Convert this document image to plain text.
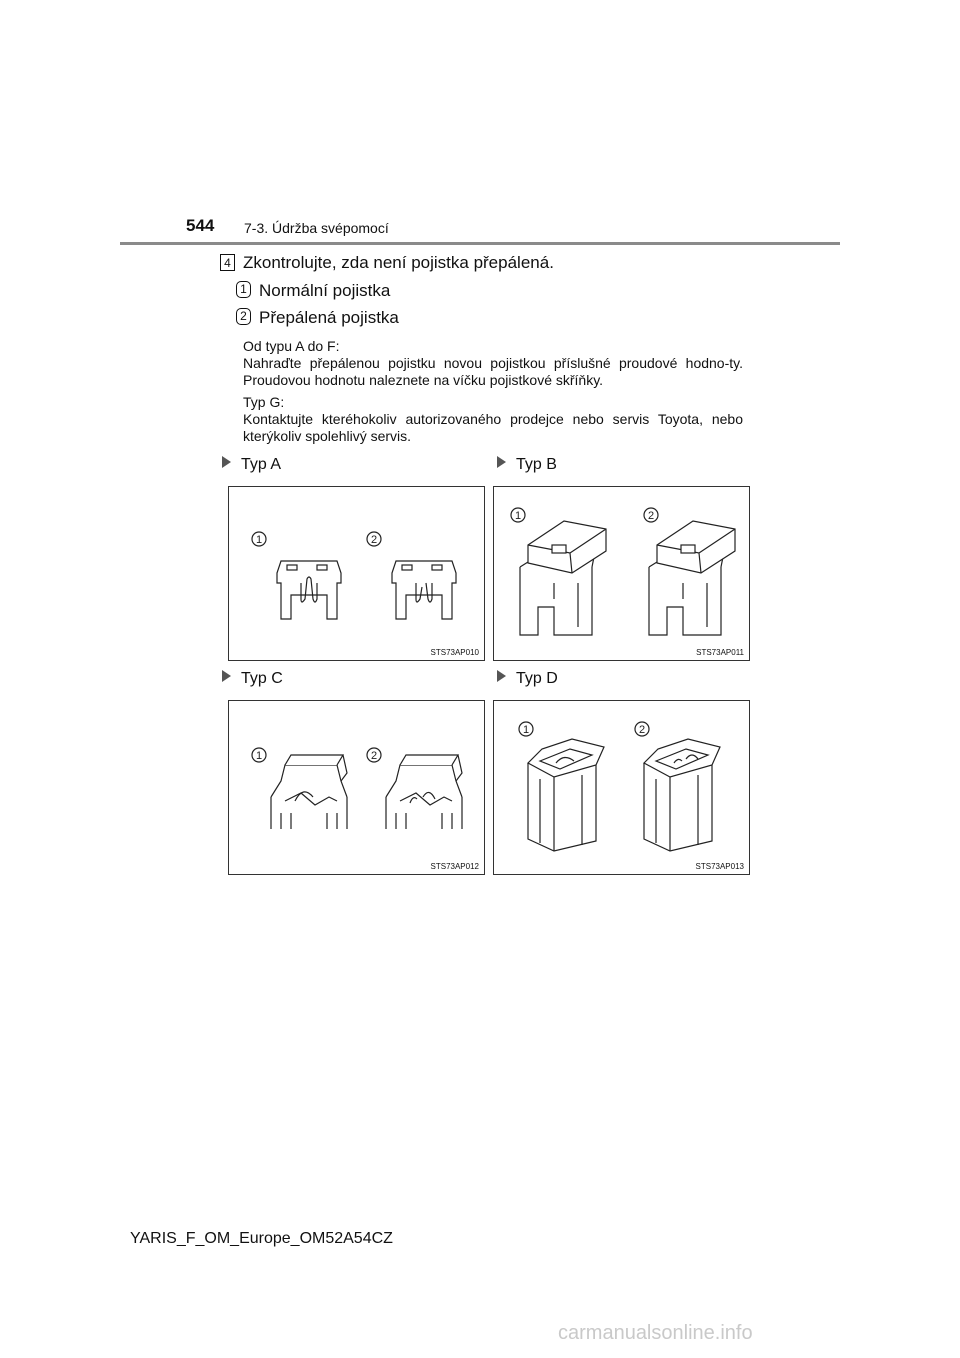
544 7-3. Údržba svépomocí
4 Zkontrolujte, zda není pojistka přepálená.
1 Normální pojistka
2 Přepálená pojistka

Od typu A do F:

Nahraďte přepálenou pojistku novou pojistkou příslušné proudové hodno-ty. Proudovou hodnotu naleznete na víčku pojistkové skříňky.

Typ G:

Kontaktujte kteréhokoliv autorizovaného prodejce nebo servis Toyota, nebo kterýkoliv spolehlivý servis.

Typ A	Typ B
Typ C	Typ D
1	2
STS73AP010
1	2
STS73AP011
1	2
STS73AP012
1	2
STS73AP013
YARIS_F_OM_Europe_OM52A54CZ
carmanualsonline.info
